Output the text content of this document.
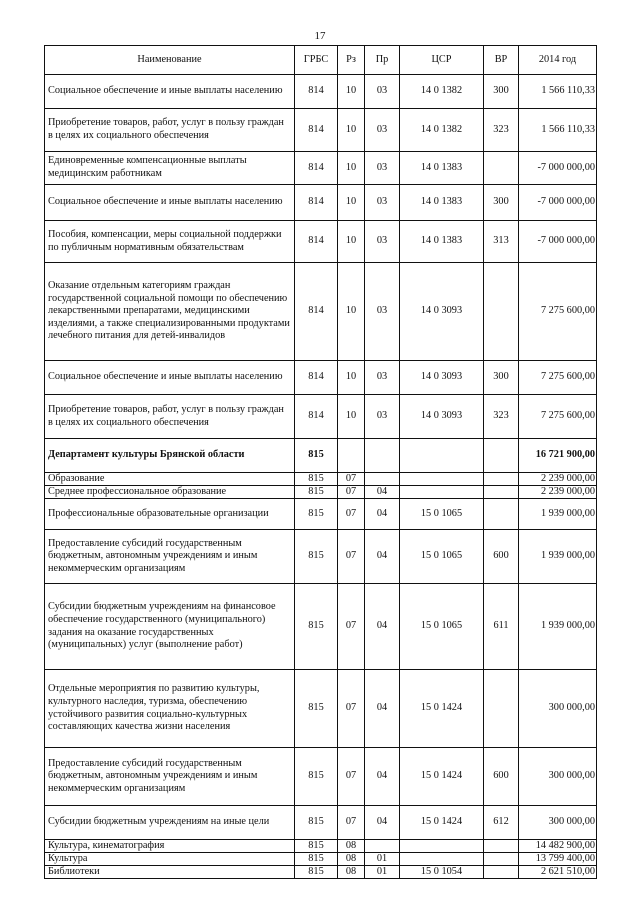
17
Наименование	ГРБС	Рз	Пр	ЦСР	ВР	2014 год
Социальное обеспечение и иные выплаты населению	814	10	03	14 0 1382	300	1 566 110,33
Приобретение товаров, работ, услуг в пользу граждан в целях их социального обеспечения	814	10	03	14 0 1382	323	1 566 110,33
Единовременные компенсационные выплаты медицинским работникам	814	10	03	14 0 1383		-7 000 000,00
Социальное обеспечение и иные выплаты населению	814	10	03	14 0 1383	300	-7 000 000,00
Пособия, компенсации, меры социальной поддержки по публичным нормативным обязательствам	814	10	03	14 0 1383	313	-7 000 000,00
Оказание отдельным категориям граждан государственной социальной помощи по обеспечению лекарственными препаратами, медицинскими изделиями, а также специализированными продуктами лечебного питания для детей-инвалидов	814	10	03	14 0 3093		7 275 600,00
Социальное обеспечение и иные выплаты населению	814	10	03	14 0 3093	300	7 275 600,00
Приобретение товаров, работ, услуг в пользу граждан в целях их социального обеспечения	814	10	03	14 0 3093	323	7 275 600,00
Департамент культуры Брянской области	815					16 721 900,00
Образование	815	07				2 239 000,00
Среднее профессиональное образование	815	07	04			2 239 000,00
Профессиональные образовательные организации	815	07	04	15 0 1065		1 939 000,00
Предоставление субсидий государственным бюджетным, автономным учреждениям и иным некоммерческим организациям	815	07	04	15 0 1065	600	1 939 000,00
Субсидии бюджетным учреждениям на финансовое обеспечение государственного (муниципального) задания на оказание государственных (муниципальных) услуг (выполнение работ)	815	07	04	15 0 1065	611	1 939 000,00
Отдельные мероприятия по развитию культуры, культурного наследия, туризма, обеспечению устойчивого развития социально-культурных составляющих качества жизни населения	815	07	04	15 0 1424		300 000,00
Предоставление субсидий государственным бюджетным, автономным учреждениям и иным некоммерческим организациям	815	07	04	15 0 1424	600	300 000,00
Субсидии бюджетным учреждениям на иные цели	815	07	04	15 0 1424	612	300 000,00
Культура, кинематография	815	08				14 482 900,00
Культура	815	08	01			13 799 400,00
Библиотеки	815	08	01	15 0 1054		2 621 510,00
